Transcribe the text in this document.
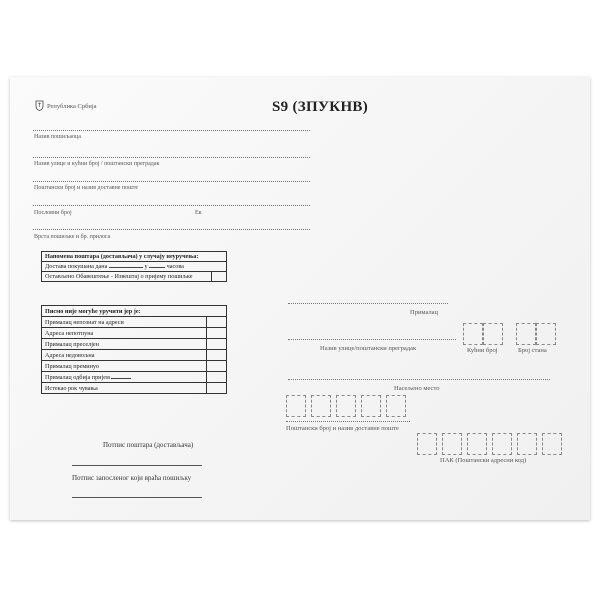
Република Србија	S9 (ЗПУКНВ)
Назив пошиљаоца
Назив улице и кућни број / поштански преградак
Поштански број и назив доставне поште
Пословни број	Ек
Врста пошиљке и бр. прилога
Напомена поштара (достављача) у случају неуручења:
Достава покушана дана	у	часова
Остављено Обавештење - Извештај о пријему пошиљке	
Писмо није могуће уручити јер је:	
Прималац непознат на адреси	
Адреса непотпуна	
Прималац преселјен	
Адреса недовољна	
Прималац преминуо	
Прималац одбија пријем	
Истекао рок чувања	
Потпис поштара (достављача)
Потпис запосленог који враћа пошиљку
Прималац
Назив улице/поштански преградак	Кућни број	Број стана
Насељено место
Поштански број и назив доставне поште
ПАК (Поштански адресни код)
